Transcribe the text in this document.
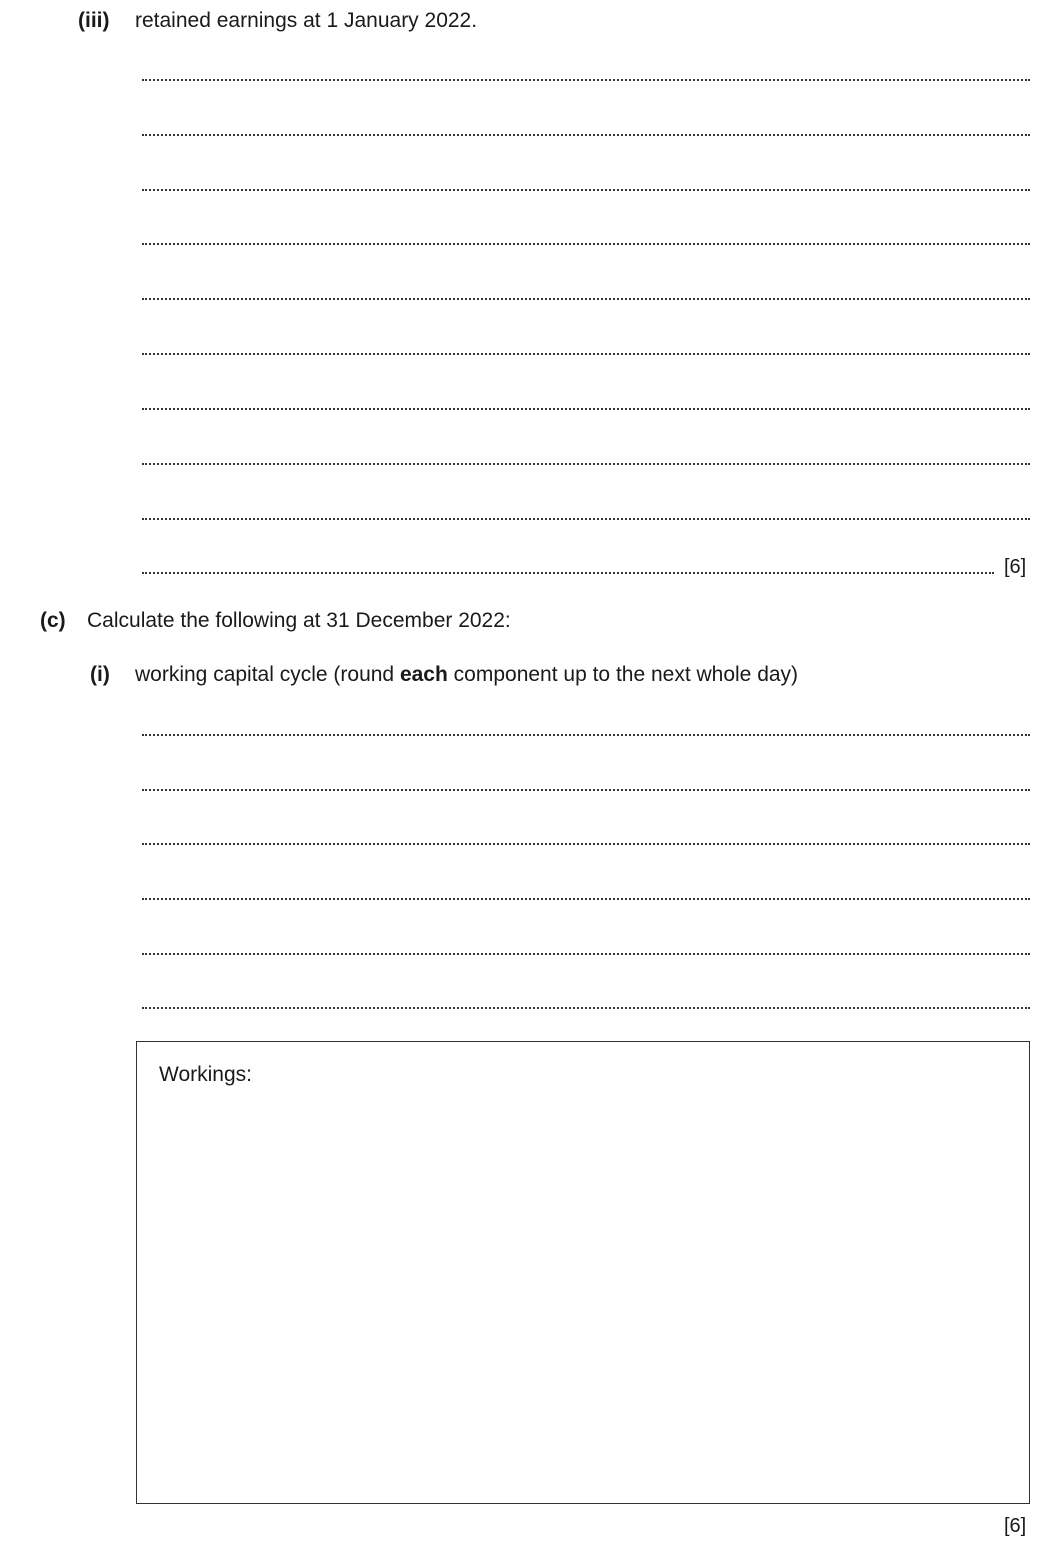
(iii) retained earnings at 1 January 2022.
[6]
(c) Calculate the following at 31 December 2022:
(i) working capital cycle (round each component up to the next whole day)
Workings:
[6]
